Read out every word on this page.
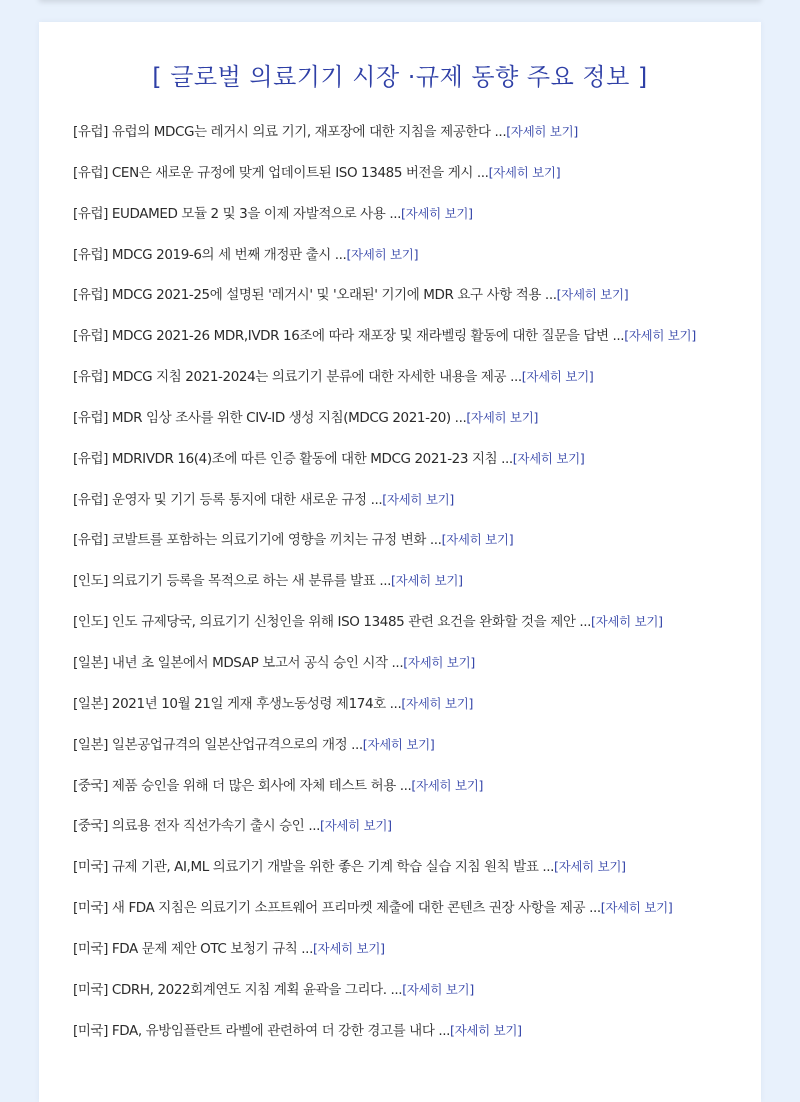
[ 글로벌 의료기기 시장 ·규제 동향 주요 정보 ]
[유럽] 유럽의 MDCG는 레거시 의료 기기, 재포장에 대한 지침을 제공한다 ...[자세히 보기]
[유럽] CEN은 새로운 규정에 맞게 업데이트된 ISO 13485 버전을 게시 ...[자세히 보기]
[유럽] EUDAMED 모듈 2 및 3을 이제 자발적으로 사용 ...[자세히 보기]
[유럽] MDCG 2019-6의 세 번째 개정판 출시 ...[자세히 보기]
[유럽] MDCG 2021-25에 설명된 '레거시' 및 '오래된' 기기에 MDR 요구 사항 적용 ...[자세히 보기]
[유럽] MDCG 2021-26 MDR,IVDR 16조에 따라 재포장 및 재라벨링 활동에 대한 질문을 답변 ...[자세히 보기]
[유럽] MDCG 지침 2021-2024는 의료기기 분류에 대한 자세한 내용을 제공 ...[자세히 보기]
[유럽] MDR 임상 조사를 위한 CIV-ID 생성 지침(MDCG 2021-20) ...[자세히 보기]
[유럽] MDRIVDR 16(4)조에 따른 인증 활동에 대한 MDCG 2021-23 지침 ...[자세히 보기]
[유럽] 운영자 및 기기 등록 통지에 대한 새로운 규정 ...[자세히 보기]
[유럽] 코발트를 포함하는 의료기기에 영향을 끼치는 규정 변화 ...[자세히 보기]
[인도] 의료기기 등록을 목적으로 하는 새 분류를 발표 ...[자세히 보기]
[인도] 인도 규제당국, 의료기기 신청인을 위해 ISO 13485 관련 요건을 완화할 것을 제안 ...[자세히 보기]
[일본] 내년 초 일본에서 MDSAP 보고서 공식 승인 시작 ...[자세히 보기]
[일본] 2021년 10월 21일 게재 후생노동성령 제174호 ...[자세히 보기]
[일본] 일본공업규격의 일본산업규격으로의 개정 ...[자세히 보기]
[중국] 제품 승인을 위해 더 많은 회사에 자체 테스트 허용 ...[자세히 보기]
[중국] 의료용 전자 직선가속기 출시 승인 ...[자세히 보기]
[미국] 규제 기관, AI,ML 의료기기 개발을 위한 좋은 기계 학습 실습 지침 원칙 발표 ...[자세히 보기]
[미국] 새 FDA 지침은 의료기기 소프트웨어 프리마켓 제출에 대한 콘텐츠 권장 사항을 제공 ...[자세히 보기]
[미국] FDA 문제 제안 OTC 보청기 규칙 ...[자세히 보기]
[미국] CDRH, 2022회계연도 지침 계획 윤곽을 그리다. ...[자세히 보기]
[미국] FDA, 유방임플란트 라벨에 관련하여 더 강한 경고를 내다 ...[자세히 보기]
